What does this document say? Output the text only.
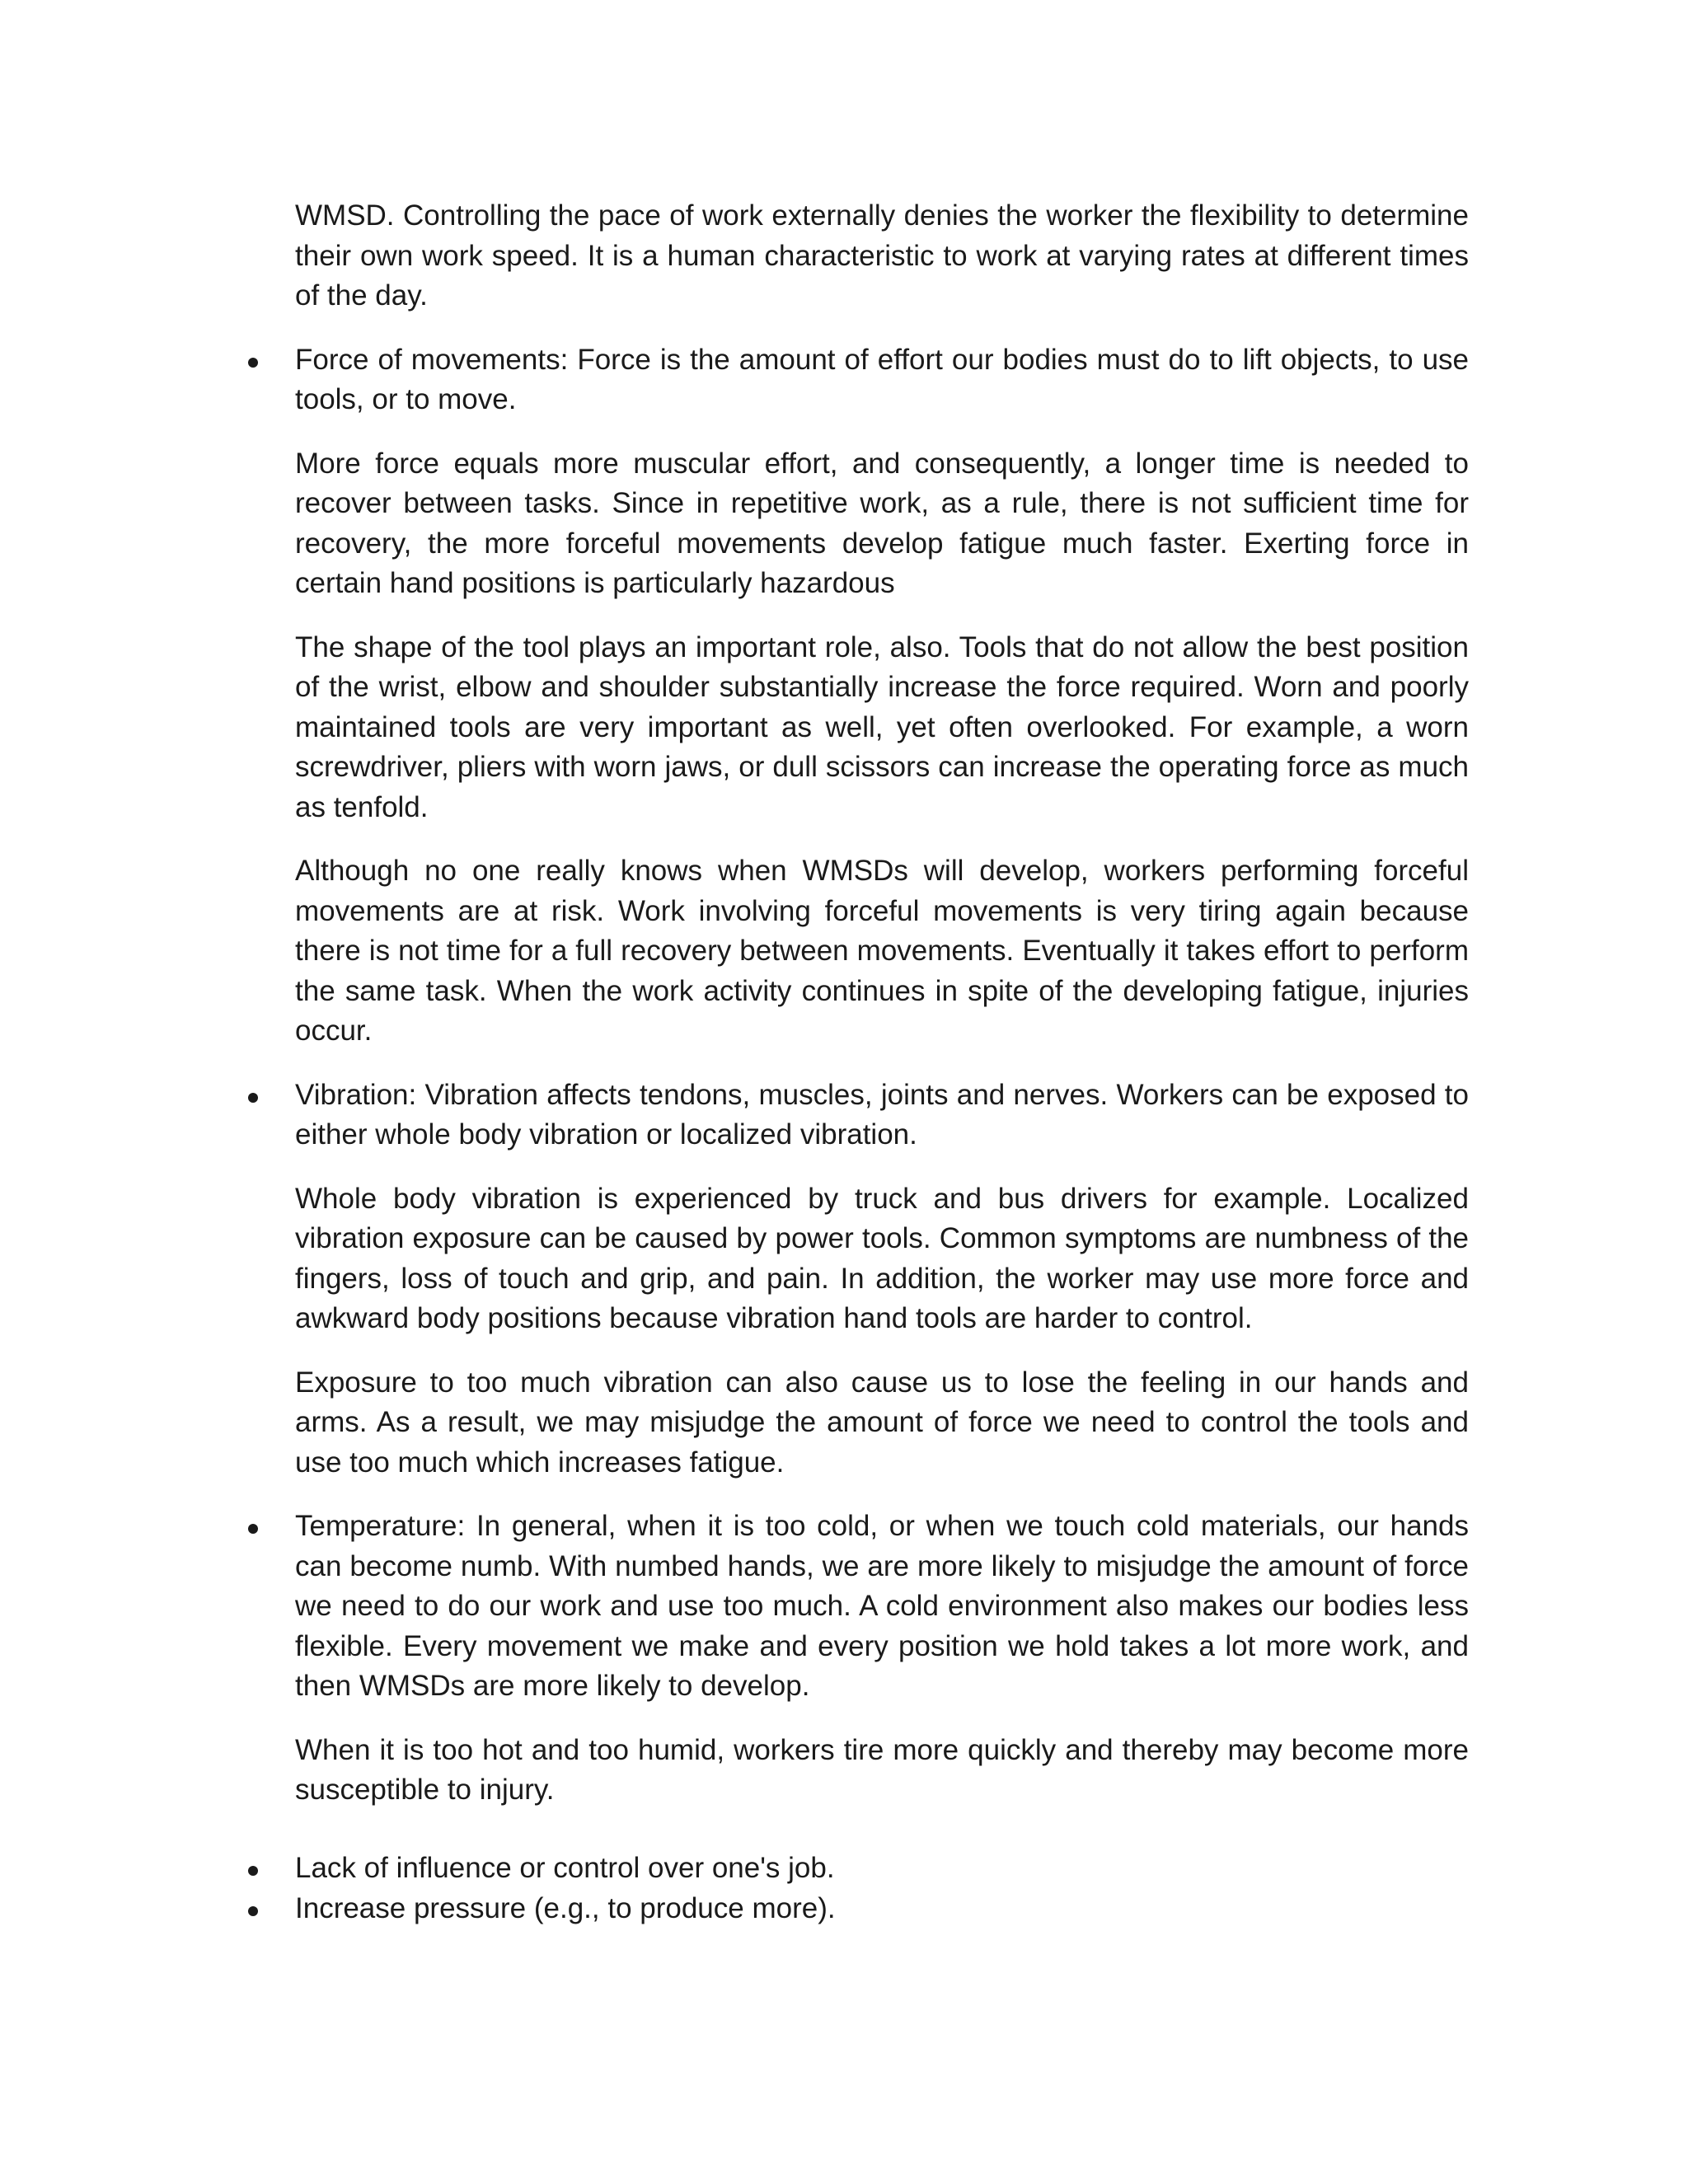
WMSD. Controlling the pace of work externally denies the worker the flexibility to determine their own work speed. It is a human characteristic to work at varying rates at different times of the day.

Force of movements: Force is the amount of effort our bodies must do to lift objects, to use tools, or to move.

More force equals more muscular effort, and consequently, a longer time is needed to recover between tasks. Since in repetitive work, as a rule, there is not sufficient time for recovery, the more forceful movements develop fatigue much faster. Exerting force in certain hand positions is particularly hazardous

The shape of the tool plays an important role, also. Tools that do not allow the best position of the wrist, elbow and shoulder substantially increase the force required. Worn and poorly maintained tools are very important as well, yet often overlooked. For example, a worn screwdriver, pliers with worn jaws, or dull scissors can increase the operating force as much as tenfold.

Although no one really knows when WMSDs will develop, workers performing forceful movements are at risk. Work involving forceful movements is very tiring again because there is not time for a full recovery between movements. Eventually it takes effort to perform the same task. When the work activity continues in spite of the developing fatigue, injuries occur.

Vibration: Vibration affects tendons, muscles, joints and nerves. Workers can be exposed to either whole body vibration or localized vibration.

Whole body vibration is experienced by truck and bus drivers for example. Localized vibration exposure can be caused by power tools. Common symptoms are numbness of the fingers, loss of touch and grip, and pain. In addition, the worker may use more force and awkward body positions because vibration hand tools are harder to control.

Exposure to too much vibration can also cause us to lose the feeling in our hands and arms. As a result, we may misjudge the amount of force we need to control the tools and use too much which increases fatigue.

Temperature: In general, when it is too cold, or when we touch cold materials, our hands can become numb. With numbed hands, we are more likely to misjudge the amount of force we need to do our work and use too much. A cold environment also makes our bodies less flexible. Every movement we make and every position we hold takes a lot more work, and then WMSDs are more likely to develop.

When it is too hot and too humid, workers tire more quickly and thereby may become more susceptible to injury.

Lack of influence or control over one's job.
Increase pressure (e.g., to produce more).
